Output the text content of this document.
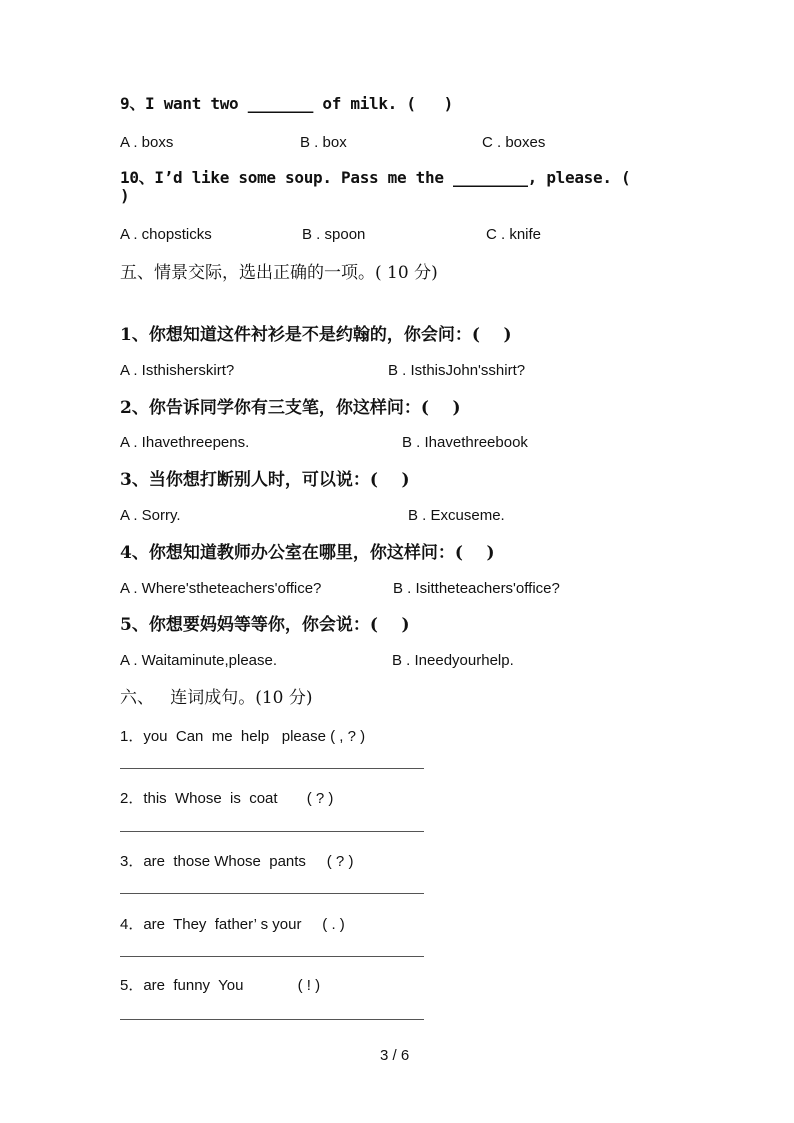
9、I want two _______ of milk. (   )
A . boxs	B . box	C . boxes
10、I’d like some soup. Pass me the ________, please. (
)
A . chopsticks	B . spoon	C . knife
五、情景交际，选出正确的一项。( 10 分)
1、你想知道这件衬衫是不是约翰的，你会问：(    )
A . Isthisherskirt?	B . IsthisJohn'sshirt?
2、你告诉同学你有三支笔，你这样问：(    )
A . Ihavethreepens.	B . Ihavethreebook
3、当你想打断别人时，可以说：(    )
A . Sorry.	B . Excuseme.
4、你想知道教师办公室在哪里，你这样问：(    )
A . Where'stheteachers'office?	B . Isittheteachers'office?
5、你想要妈妈等等你，你会说：(    )
A . Waitaminute,please.	B . Ineedyourhelp.
六、   连词成句。(10 分)
1．you  Can  me  help   please ( , ? )
2．this  Whose  is  coat       ( ? )
3．are  those Whose  pants     ( ? )
4．are  They  father’ s your     ( . )
5．are  funny  You             ( ! )
3 / 6
